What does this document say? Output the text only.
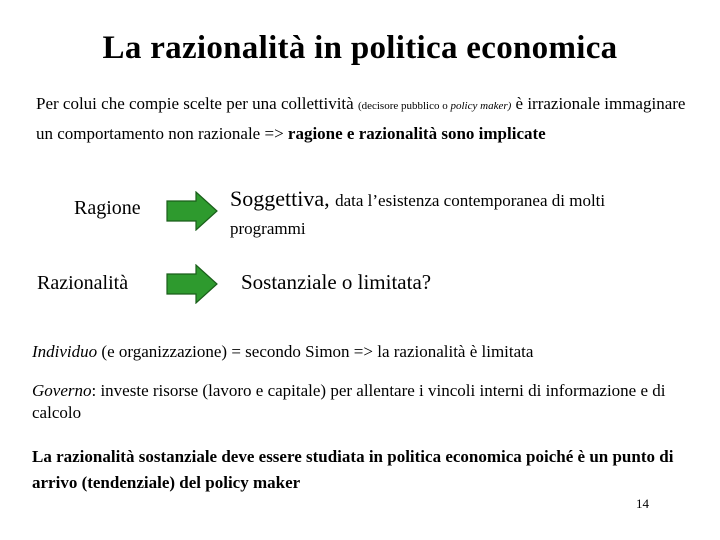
La razionalità in politica economica
Per colui che compie scelte per una collettività (decisore pubblico o policy maker) è irrazionale immaginare un comportamento non razionale => ragione e razionalità sono implicate
Ragione	Soggettiva, data l’esistenza contemporanea di molti programmi
Razionalità	Sostanziale o limitata?
Individuo (e organizzazione) = secondo Simon => la razionalità è limitata
Governo: investe risorse (lavoro e capitale) per allentare i vincoli interni di informazione e di calcolo
La razionalità sostanziale deve essere studiata in politica economica poiché è un punto di arrivo (tendenziale) del policy maker
14
